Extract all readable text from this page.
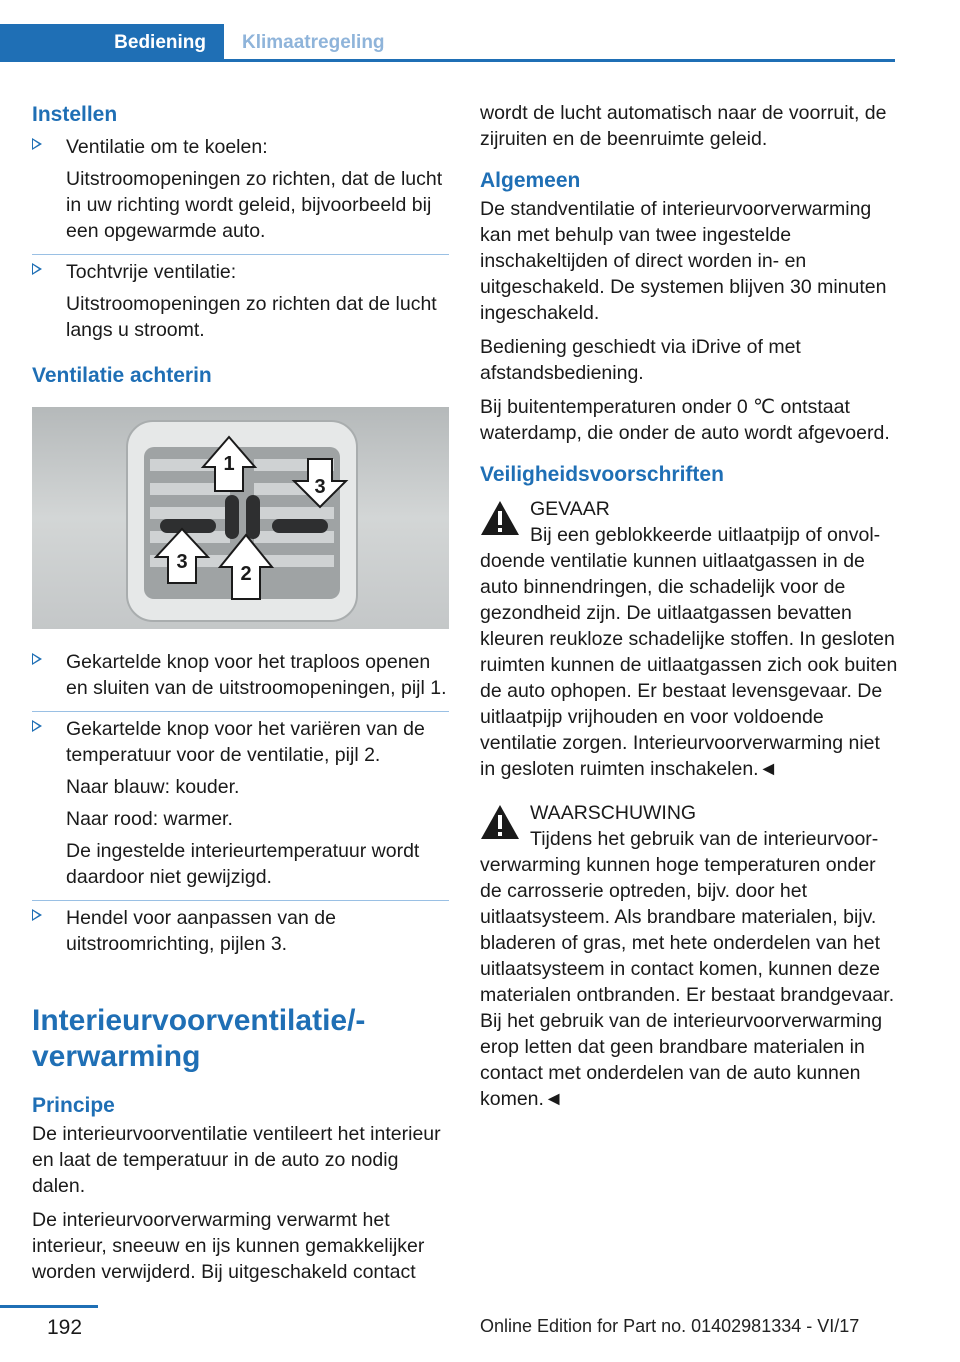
Bediening Klimaatregeling
Instellen

Ventilatie om te koelen:

Uitstroomopeningen zo richten, dat de lucht in uw richting wordt geleid, bijvoorbeeld bij een opgewarmde auto.

Tochtvrije ventilatie:

Uitstroomopeningen zo richten dat de lucht langs u stroomt.

Ventilatie achterin
1
2
3
3

Gekartelde knop voor het traploos openen en sluiten van de uitstroomopeningen, pijl 1.

Gekartelde knop voor het variëren van de temperatuur voor de ventilatie, pijl 2.

Naar blauw: kouder.

Naar rood: warmer.

De ingestelde interieurtemperatuur wordt daardoor niet gewijzigd.

Hendel voor aanpassen van de uitstroomrichting, pijlen 3.

Interieurvoorventilatie/-verwarming
Principe

De interieurvoorventilatie ventileert het interieur en laat de temperatuur in de auto zo nodig dalen.

De interieurvoorverwarming verwarmt het interieur, sneeuw en ijs kunnen gemakkelijker worden verwijderd. Bij uitgeschakeld contact

wordt de lucht automatisch naar de voorruit, de zijruiten en de beenruimte geleid.

Algemeen

De standventilatie of interieurvoorverwarming kan met behulp van twee ingestelde inschakeltijden of direct worden in- en uitgeschakeld. De systemen blijven 30 minuten ingeschakeld.

Bediening geschiedt via iDrive of met afstandsbediening.

Bij buitentemperaturen onder 0 ℃ ontstaat waterdamp, die onder de auto wordt afgevoerd.

Veiligheidsvoorschriften

GEVAAR

Bij een geblokkeerde uitlaatpijp of onvol-

doende ventilatie kunnen uitlaatgassen in de auto binnendringen, die schadelijk voor de gezondheid zijn. De uitlaatgassen bevatten kleuren reukloze schadelijke stoffen. In gesloten ruimten kunnen de uitlaatgassen zich ook buiten de auto ophopen. Er bestaat levensgevaar. De uitlaatpijp vrijhouden en voor voldoende ventilatie zorgen. Interieurvoorverwarming niet in gesloten ruimten inschakelen.◄

WAARSCHUWING

Tijdens het gebruik van de interieurvoor-

verwarming kunnen hoge temperaturen onder de carrosserie optreden, bijv. door het uitlaatsysteem. Als brandbare materialen, bijv. bladeren of gras, met hete onderdelen van het uitlaatsysteem in contact komen, kunnen deze materialen ontbranden. Er bestaat brandgevaar. Bij het gebruik van de interieurvoorverwarming erop letten dat geen brandbare materialen in contact met onderdelen van de auto kunnen komen.◄

192	Online Edition for Part no. 01402981334 - VI/17
